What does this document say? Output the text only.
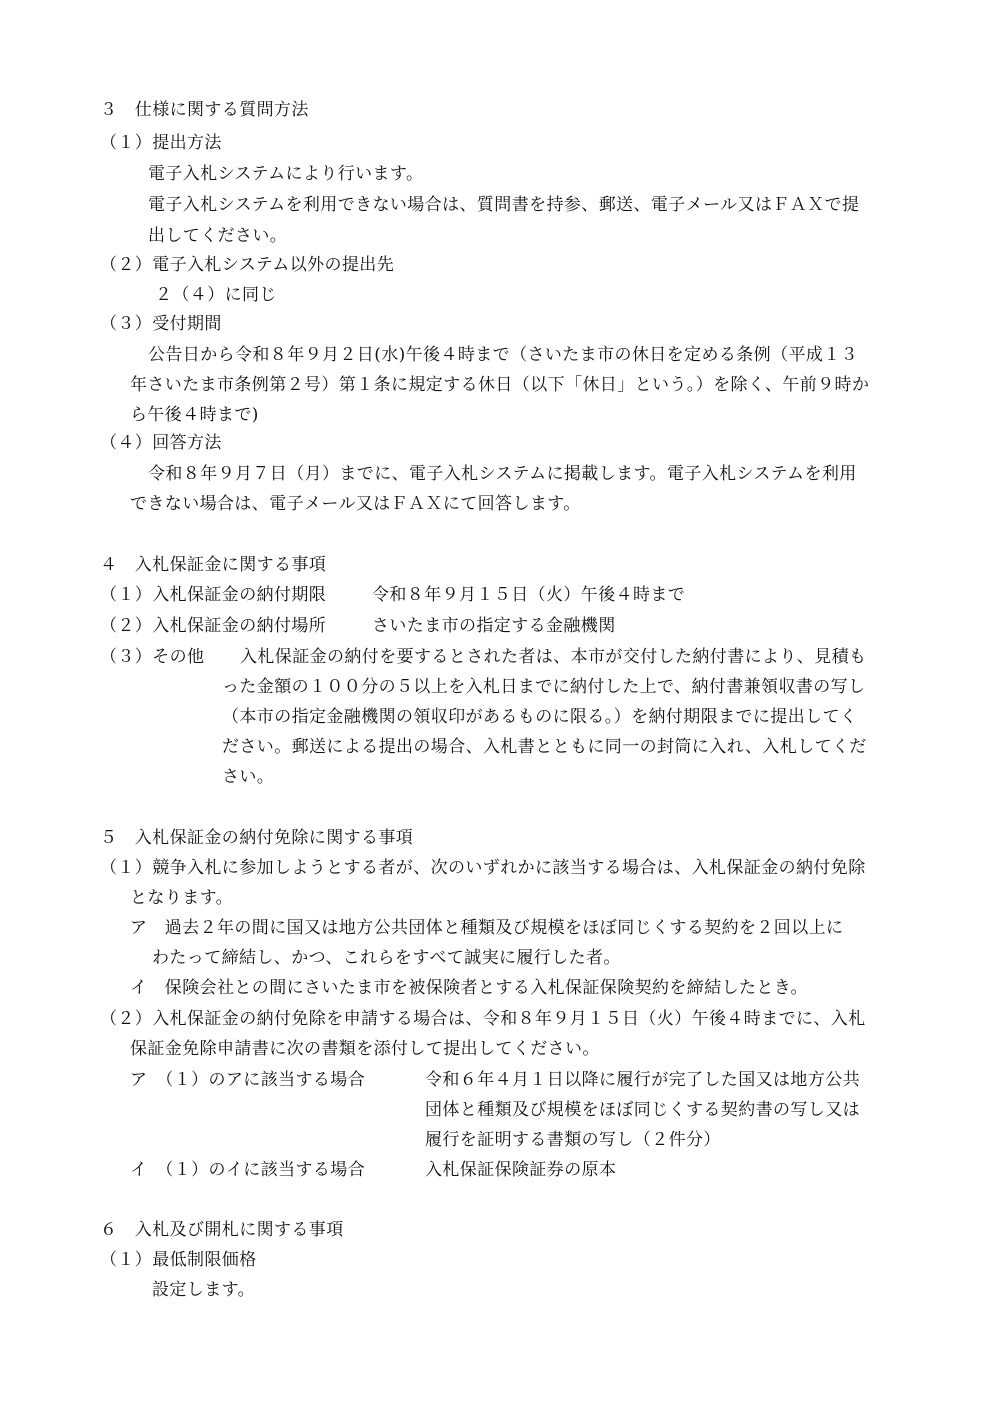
３　仕様に関する質問方法
（１）提出方法
電子入札システムにより行います。
電子入札システムを利用できない場合は、質問書を持参、郵送、電子メール又はＦＡＸで提
出してください。
（２）電子入札システム以外の提出先
２（４）に同じ
（３）受付期間
公告日から令和８年９月２日(水)午後４時まで（さいたま市の休日を定める条例（平成１３
年さいたま市条例第２号）第１条に規定する休日（以下「休日」という。）を除く、午前９時か
ら午後４時まで)
（４）回答方法
令和８年９月７日（月）までに、電子入札システムに掲載します。電子入札システムを利用
できない場合は、電子メール又はＦＡＸにて回答します。
４　入札保証金に関する事項
（１）入札保証金の納付期限	令和８年９月１５日（火）午後４時まで
（２）入札保証金の納付場所	さいたま市の指定する金融機関
（３）その他 入札保証金の納付を要するとされた者は、本市が交付した納付書により、見積も
った金額の１００分の５以上を入札日までに納付した上で、納付書兼領収書の写し
（本市の指定金融機関の領収印があるものに限る。）を納付期限までに提出してく
ださい。郵送による提出の場合、入札書とともに同一の封筒に入れ、入札してくだ
さい。
５　入札保証金の納付免除に関する事項
（１）競争入札に参加しようとする者が、次のいずれかに該当する場合は、入札保証金の納付免除
となります。
ア　過去２年の間に国又は地方公共団体と種類及び規模をほぼ同じくする契約を２回以上に
わたって締結し、かつ、これらをすべて誠実に履行した者。
イ　保険会社との間にさいたま市を被保険者とする入札保証保険契約を締結したとき。
（２）入札保証金の納付免除を申請する場合は、令和８年９月１５日（火）午後４時までに、入札
保証金免除申請書に次の書類を添付して提出してください。
ア　（１）のアに該当する場合	令和６年４月１日以降に履行が完了した国又は地方公共
団体と種類及び規模をほぼ同じくする契約書の写し又は
履行を証明する書類の写し（２件分）
イ　（１）のイに該当する場合	入札保証保険証券の原本
６　入札及び開札に関する事項
（１）最低制限価格
設定します。
